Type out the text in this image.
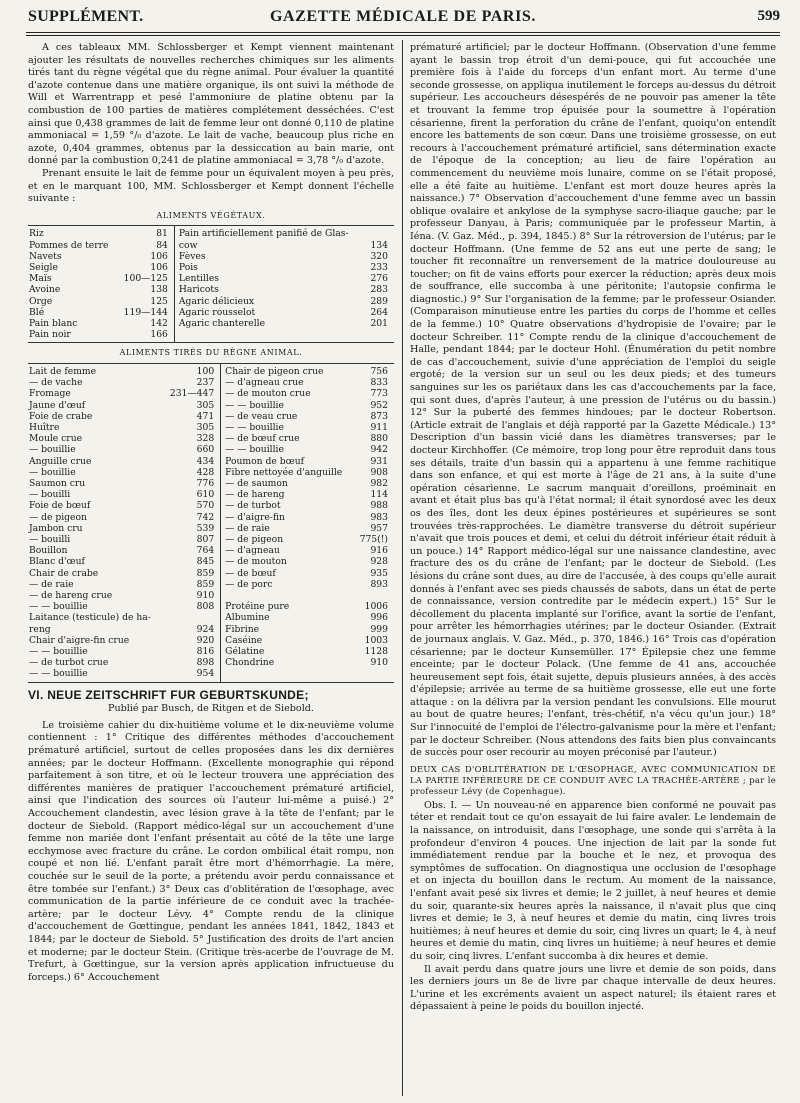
SUPPLÉMENT.	GAZETTE MÉDICALE DE PARIS.	599

A ces tableaux MM. Schlossberger et Kempt viennent maintenant ajouter les résultats de nouvelles recherches chimiques sur les aliments tirés tant du règne végétal que du règne animal. Pour évaluer la quantité d'azote contenue dans une matière organique, ils ont suivi la méthode de Will et Warrentrapp et pesé l'ammoniure de platine obtenu par la combustion de 100 parties de matières complétement desséchées. C'est ainsi que 0,438 grammes de lait de femme leur ont donné 0,110 de platine ammoniacal = 1,59 °/₀ d'azote. Le lait de vache, beaucoup plus riche en azote, 0,404 grammes, obtenus par la dessiccation au bain marie, ont donné par la combustion 0,241 de platine ammoniacal = 3,78 °/₀ d'azote.

Prenant ensuite le lait de femme pour un équivalent moyen à peu près, et en le marquant 100, MM. Schlossberger et Kempt donnent l'échelle suivante :

ALIMENTS VÉGÉTAUX.
Riz	81	Pain artificiellement panifié de Glas-	
Pommes de terre	84	cow	134
Navets	106	Fèves	320
Seigle	106	Pois	233
Maïs	100—125	Lentilles	276
Avoine	138	Haricots	283
Orge	125	Agaric délicieux	289
Blé	119—144	Agaric rousselot	264
Pain blanc	142	Agaric chanterelle	201
Pain noir	166		
ALIMENTS TIRÉS DU RÈGNE ANIMAL.
Lait de femme	100	Chair de pigeon crue	756
— de vache	237	— d'agneau crue	833
Fromage	231—447	— de mouton crue	773
Jaune d'œuf	305	— — bouillie	952
Foie de crabe	471	— de veau crue	873
Huître	305	— — bouillie	911
Moule crue	328	— de bœuf crue	880
— bouillie	660	— — bouillie	942
Anguille crue	434	Poumon de bœuf	931
— bouillie	428	Fibre nettoyée d'anguille	908
Saumon cru	776	— de saumon	982
— bouilli	610	— de hareng	114
Foie de bœuf	570	— de turbot	988
— de pigeon	742	— d'aigre-fin	983
Jambon cru	539	— de raie	957
— bouilli	807	— de pigeon	775(!)
Bouillon	764	— d'agneau	916
Blanc d'œuf	845	— de mouton	928
Chair de crabe	859	— de bœuf	935
— de raie	859	— de porc	893
— de hareng crue	910		
— — bouillie	808	Protéine pure	1006
Laitance (testicule) de ha-		Albumine	996
reng	924	Fibrine	999
Chair d'aigre-fin crue	920	Caséine	1003
— — bouillie	816	Gélatine	1128
— de turbot crue	898	Chondrine	910
— — bouillie	954		
VI. NEUE ZEITSCHRIFT FUR GEBURTSKUNDE;
Publié par Busch, de Ritgen et de Siebold.

Le troisième cahier du dix-huitième volume et le dix-neuvième volume contiennent : 1° Critique des différentes méthodes d'accouchement prématuré artificiel, surtout de celles proposées dans les dix dernières années; par le docteur Hoffmann. (Excellente monographie qui répond parfaitement à son titre, et où le lecteur trouvera une appréciation des différentes manières de pratiquer l'accouchement prématuré artificiel, ainsi que l'indication des sources où l'auteur lui-même a puisé.) 2° Accouchement clandestin, avec lésion grave à la tête de l'enfant; par le docteur de Siebold. (Rapport médico-légal sur un accouchement d'une femme non mariée dont l'enfant présentait au côté de la tête une large ecchymose avec fracture du crâne. Le cordon ombilical était rompu, non coupé et non lié. L'enfant paraît être mort d'hémorrhagie. La mère, couchée sur le seuil de la porte, a prétendu avoir perdu connaissance et être tombée sur l'enfant.) 3° Deux cas d'oblitération de l'œsophage, avec communication de la partie inférieure de ce conduit avec la trachée-artère; par le docteur Lévy. 4° Compte rendu de la clinique d'accouchement de Gœttingue, pendant les années 1841, 1842, 1843 et 1844; par le docteur de Siebold. 5° Justification des droits de l'art ancien et moderne; par le docteur Stein. (Critique très-acerbe de l'ouvrage de M. Trefurt, à Gœttingue, sur la version après application infructueuse du forceps.) 6° Accouchement

prématuré artificiel; par le docteur Hoffmann. (Observation d'une femme ayant le bassin trop étroit d'un demi-pouce, qui fut accouchée une première fois à l'aide du forceps d'un enfant mort. Au terme d'une seconde grossesse, on appliqua inutilement le forceps au-dessus du détroit supérieur. Les accoucheurs désespérés de ne pouvoir pas amener la tête et trouvant la femme trop épuisée pour la soumettre à l'opération césarienne, firent la perforation du crâne de l'enfant, quoiqu'on entendît encore les battements de son cœur. Dans une troisième grossesse, on eut recours à l'accouchement prématuré artificiel, sans détermination exacte de l'époque de la conception; au lieu de faire l'opération au commencement du neuvième mois lunaire, comme on se l'était proposé, elle a été faite au huitième. L'enfant est mort douze heures après la naissance.) 7° Observation d'accouchement d'une femme avec un bassin oblique ovalaire et ankylose de la symphyse sacro-iliaque gauche; par le professeur Danyau, à Paris; communiquée par le professeur Martin, à Iéna. (V. Gaz. Méd., p. 394, 1845.) 8° Sur la rétroversion de l'utérus; par le docteur Hoffmann. (Une femme de 52 ans eut une perte de sang; le toucher fit reconnaître un renversement de la matrice douloureuse au toucher; on fit de vains efforts pour exercer la réduction; après deux mois de souffrance, elle succomba à une péritonite; l'autopsie confirma le diagnostic.) 9° Sur l'organisation de la femme; par le professeur Osiander. (Comparaison minutieuse entre les parties du corps de l'homme et celles de la femme.) 10° Quatre observations d'hydropisie de l'ovaire; par le docteur Schreiber. 11° Compte rendu de la clinique d'accouchement de Halle, pendant 1844; par le docteur Hohl. (Énumération du petit nombre de cas d'accouchement, suivie d'une appréciation de l'emploi du seigle ergoté; de la version sur un seul ou les deux pieds; et des tumeurs sanguines sur les os pariétaux dans les cas d'accouchements par la face, qui sont dues, d'après l'auteur, à une pression de l'utérus ou du bassin.) 12° Sur la puberté des femmes hindoues; par le docteur Robertson. (Article extrait de l'anglais et déjà rapporté par la Gazette Médicale.) 13° Description d'un bassin vicié dans les diamètres transverses; par le docteur Kirchhoffer. (Ce mémoire, trop long pour être reproduit dans tous ses détails, traite d'un bassin qui a appartenu à une femme rachitique dans son enfance, et qui est morte à l'âge de 21 ans, à la suite d'une opération césarienne. Le sacrum manquait d'oreillons, proéminait en avant et était plus bas qu'à l'état normal; il était synordosé avec les deux os des îles, dont les deux épines postérieures et supérieures se sont trouvées très-rapprochées. Le diamètre transverse du détroit supérieur n'avait que trois pouces et demi, et celui du détroit inférieur était réduit à un pouce.) 14° Rapport médico-légal sur une naissance clandestine, avec fracture des os du crâne de l'enfant; par le docteur de Siebold. (Les lésions du crâne sont dues, au dire de l'accusée, à des coups qu'elle aurait donnés à l'enfant avec ses pieds chaussés de sabots, dans un état de perte de connaissance, version contredite par le médecin expert.) 15° Sur le décollement du placenta implanté sur l'orifice, avant la sortie de l'enfant, pour arrêter les hémorrhagies utérines; par le docteur Osiander. (Extrait de journaux anglais. V. Gaz. Méd., p. 370, 1846.) 16° Trois cas d'opération césarienne; par le docteur Kunsemüller. 17° Épilepsie chez une femme enceinte; par le docteur Polack. (Une femme de 41 ans, accouchée heureusement sept fois, était sujette, depuis plusieurs années, à des accès d'épilepsie; arrivée au terme de sa huitième grossesse, elle eut une forte attaque : on la délivra par la version pendant les convulsions. Elle mourut au bout de quatre heures; l'enfant, très-chétif, n'a vécu qu'un jour.) 18° Sur l'innocuité de l'emploi de l'électro-galvanisme pour la mère et l'enfant; par le docteur Schreiber. (Nous attendons des faits bien plus convaincants de succès pour oser recourir au moyen préconisé par l'auteur.)

DEUX CAS D'OBLITÉRATION DE L'ŒSOPHAGE, AVEC COMMUNICATION DE LA PARTIE INFÉRIEURE DE CE CONDUIT AVEC LA TRACHÉE-ARTÈRE ; par le professeur Lévy (de Copenhague).

Obs. I. — Un nouveau-né en apparence bien conformé ne pouvait pas téter et rendait tout ce qu'on essayait de lui faire avaler. Le lendemain de la naissance, on introduisit, dans l'œsophage, une sonde qui s'arrêta à la profondeur d'environ 4 pouces. Une injection de lait par la sonde fut immédiatement rendue par la bouche et le nez, et provoqua des symptômes de suffocation. On diagnostiqua une occlusion de l'œsophage et on injecta du bouillon dans le rectum. Au moment de la naissance, l'enfant avait pesé six livres et demie; le 2 juillet, à neuf heures et demie du soir, quarante-six heures après la naissance, il n'avait plus que cinq livres et demie; le 3, à neuf heures et demie du matin, cinq livres trois huitièmes; à neuf heures et demie du soir, cinq livres un quart; le 4, à neuf heures et demie du matin, cinq livres un huitième; à neuf heures et demie du soir, cinq livres. L'enfant succomba à dix heures et demie.

Il avait perdu dans quatre jours une livre et demie de son poids, dans les derniers jours un 8e de livre par chaque intervalle de deux heures. L'urine et les excréments avaient un aspect naturel; ils étaient rares et dépassaient à peine le poids du bouillon injecté.
